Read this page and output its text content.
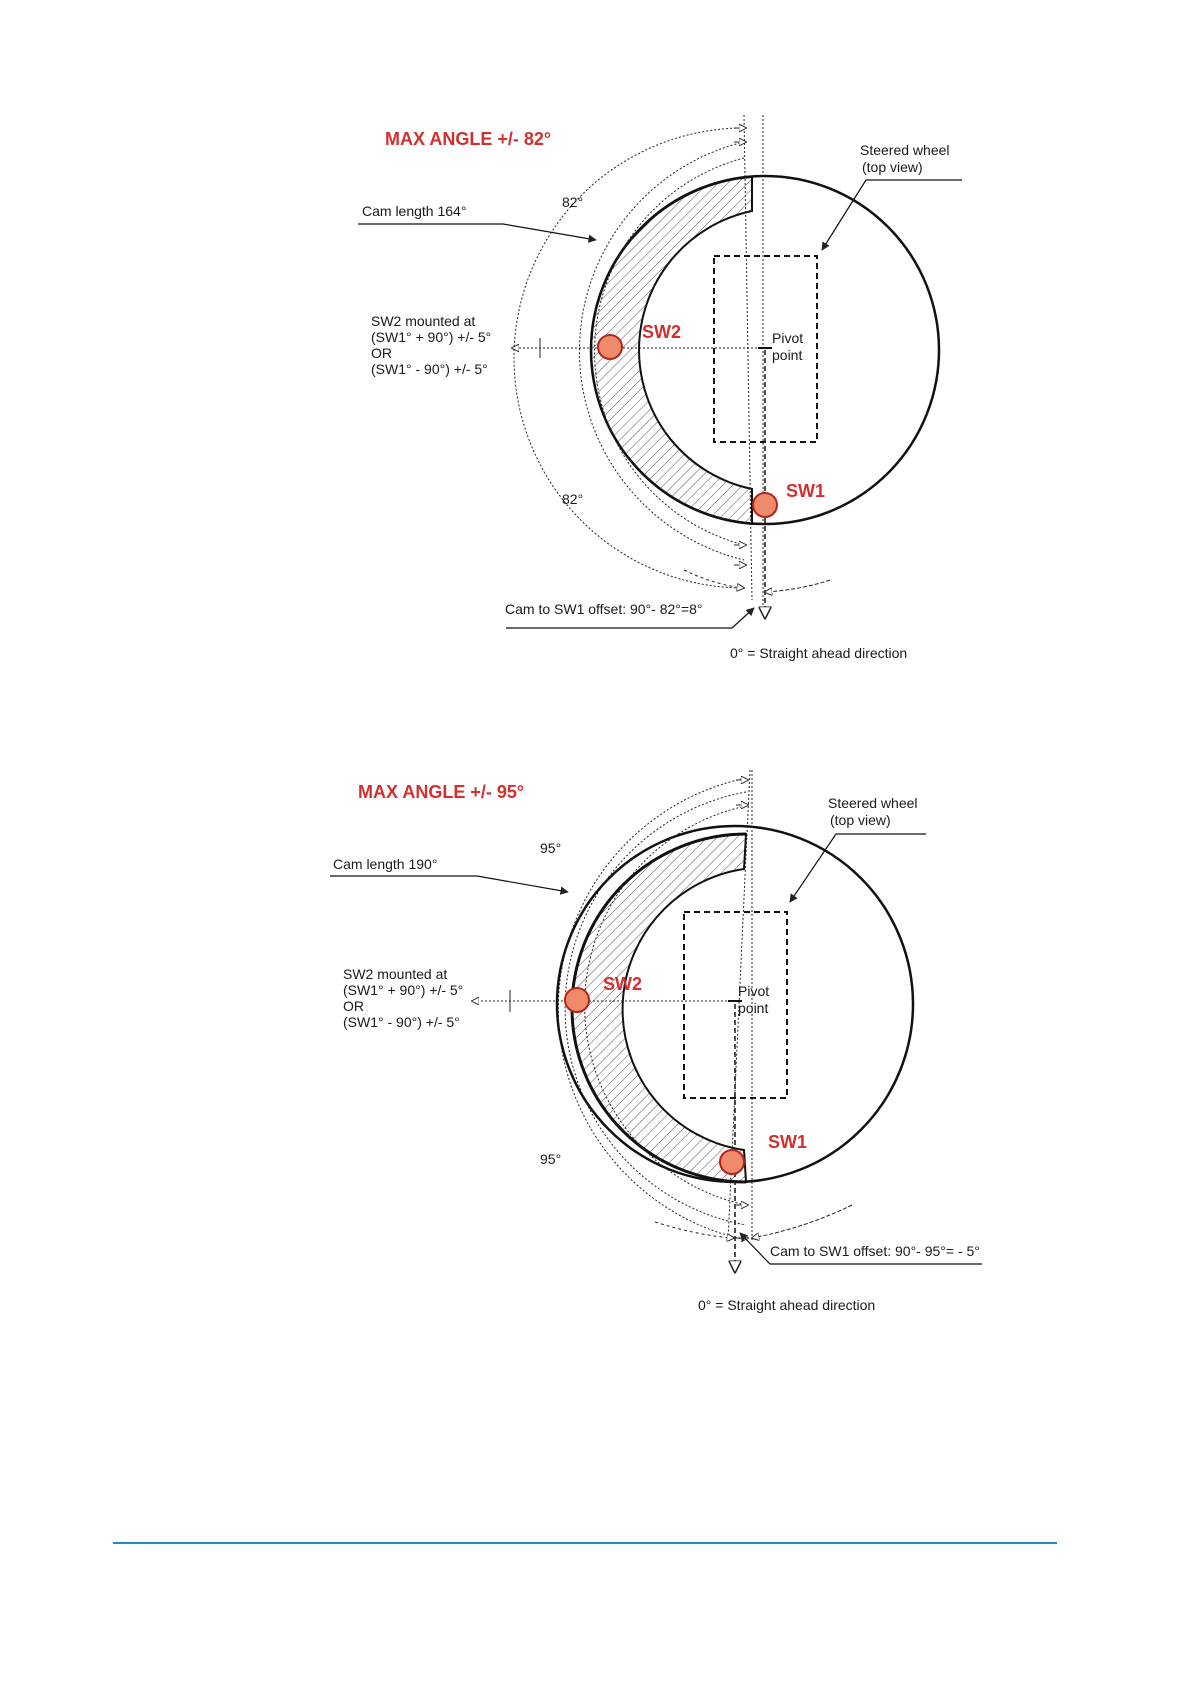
MAX ANGLE +/- 82°
Steered wheel
(top view)
Cam length 164°
82°
82°
SW2 mounted at
(SW1° + 90°) +/- 5°
OR
(SW1° - 90°) +/- 5°
SW2	Pivot
point
SW1
Cam to SW1 offset: 90°- 82°=8°
0° = Straight ahead direction
MAX ANGLE +/- 95°
Steered wheel
(top view)
Cam length 190°
95°
95°
SW2 mounted at
(SW1° + 90°) +/- 5°
OR
(SW1° - 90°) +/- 5°
SW2	Pivot
point
SW1
Cam to SW1 offset: 90°- 95°= - 5°
0° = Straight ahead direction
